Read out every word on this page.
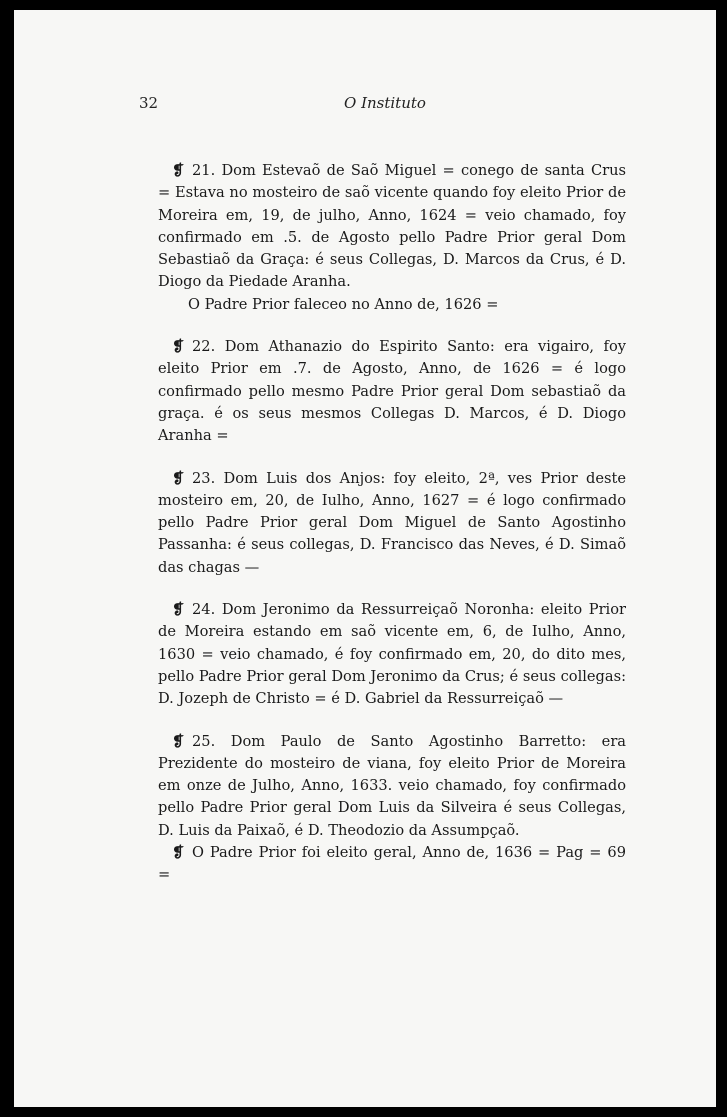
32	O Instituto

❡ 21. Dom Estevaõ de Saõ Miguel = conego de santa Crus = Estava no mosteiro de saõ vicente quando foy eleito Prior de Moreira em, 19, de julho, Anno, 1624 = veio chamado, foy confirmado em .5. de Agosto pello Padre Prior geral Dom Sebastiaõ da Graça: é seus Collegas, D. Marcos da Crus, é D. Diogo da Piedade Aranha.

O Padre Prior faleceo no Anno de, 1626 =

❡ 22. Dom Athanazio do Espirito Santo: era vigairo, foy eleito Prior em .7. de Agosto, Anno, de 1626 = é logo confirmado pello mesmo Padre Prior geral Dom sebastiaõ da graça. é os seus mesmos Collegas D. Marcos, é D. Diogo Aranha =

❡ 23. Dom Luis dos Anjos: foy eleito, 2ª, ves Prior deste mosteiro em, 20, de Iulho, Anno, 1627 = é logo confirmado pello Padre Prior geral Dom Miguel de Santo Agostinho Passanha: é seus collegas, D. Francisco das Neves, é D. Simaõ das chagas —

❡ 24. Dom Jeronimo da Ressurreiçaõ Noronha: eleito Prior de Moreira estando em saõ vicente em, 6, de Iulho, Anno, 1630 = veio chamado, é foy confirmado em, 20, do dito mes, pello Padre Prior geral Dom Jeronimo da Crus; é seus collegas: D. Jozeph de Christo = é D. Gabriel da Ressurreiçaõ —

❡ 25. Dom Paulo de Santo Agostinho Barretto: era Prezidente do mosteiro de viana, foy eleito Prior de Moreira em onze de Julho, Anno, 1633. veio chamado, foy confirmado pello Padre Prior geral Dom Luis da Silveira é seus Collegas, D. Luis da Paixaõ, é D. Theodozio da Assumpçaõ.

❡ O Padre Prior foi eleito geral, Anno de, 1636 = Pag = 69 =
